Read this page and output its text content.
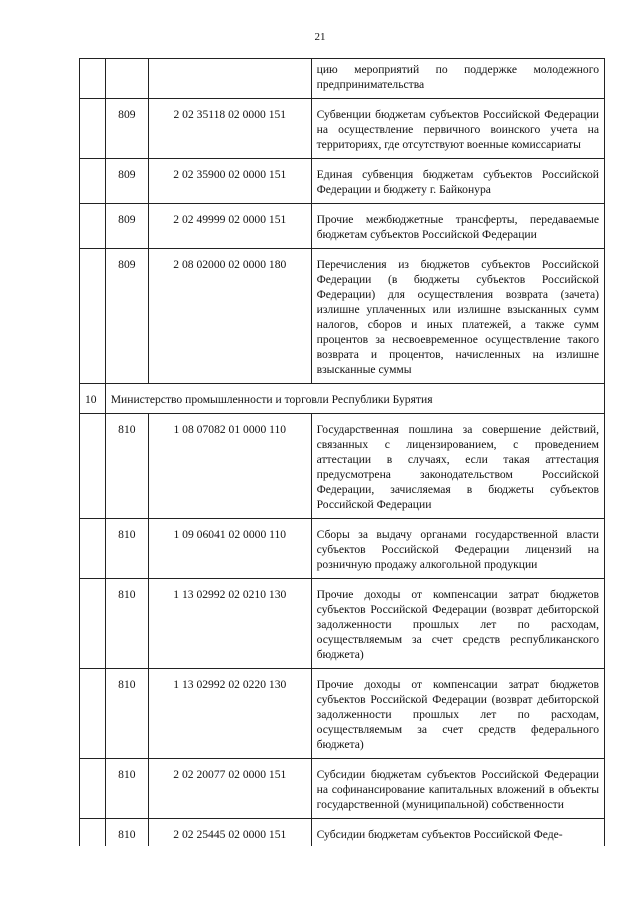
21
			цию мероприятий по поддержке молодежного предпринимательства
	809	2 02 35118 02 0000 151	Субвенции бюджетам субъектов Российской Федерации на осуществление первичного воинского учета на территориях, где отсутствуют военные комиссариаты
	809	2 02 35900 02 0000 151	Единая субвенция бюджетам субъектов Российской Федерации и бюджету г. Байконура
	809	2 02 49999 02 0000 151	Прочие межбюджетные трансферты, передаваемые бюджетам субъектов Российской Федерации
	809	2 08 02000 02 0000 180	Перечисления из бюджетов субъектов Российской Федерации (в бюджеты субъектов Российской Федерации) для осуществления возврата (зачета) излишне уплаченных или излишне взысканных сумм налогов, сборов и иных платежей, а также сумм процентов за несвоевременное осуществление такого возврата и процентов, начисленных на излишне взысканные суммы
10	Министерство промышленности и торговли Республики Бурятия		
	810	1 08 07082 01 0000 110	Государственная пошлина за совершение действий, связанных с лицензированием, с проведением аттестации в случаях, если такая аттестация предусмотрена законодательством Российской Федерации, зачисляемая в бюджеты субъектов Российской Федерации
	810	1 09 06041 02 0000 110	Сборы за выдачу органами государственной власти субъектов Российской Федерации лицензий на розничную продажу алкогольной продукции
	810	1 13 02992 02 0210 130	Прочие доходы от компенсации затрат бюджетов субъектов Российской Федерации (возврат дебиторской задолженности прошлых лет по расходам, осуществляемым за счет средств республиканского бюджета)
	810	1 13 02992 02 0220 130	Прочие доходы от компенсации затрат бюджетов субъектов Российской Федерации (возврат дебиторской задолженности прошлых лет по расходам, осуществляемым за счет средств федерального бюджета)
	810	2 02 20077 02 0000 151	Субсидии бюджетам субъектов Российской Федерации на софинансирование капитальных вложений в объекты государственной (муниципальной) собственности
	810	2 02 25445 02 0000 151	Субсидии бюджетам субъектов Российской Феде-
